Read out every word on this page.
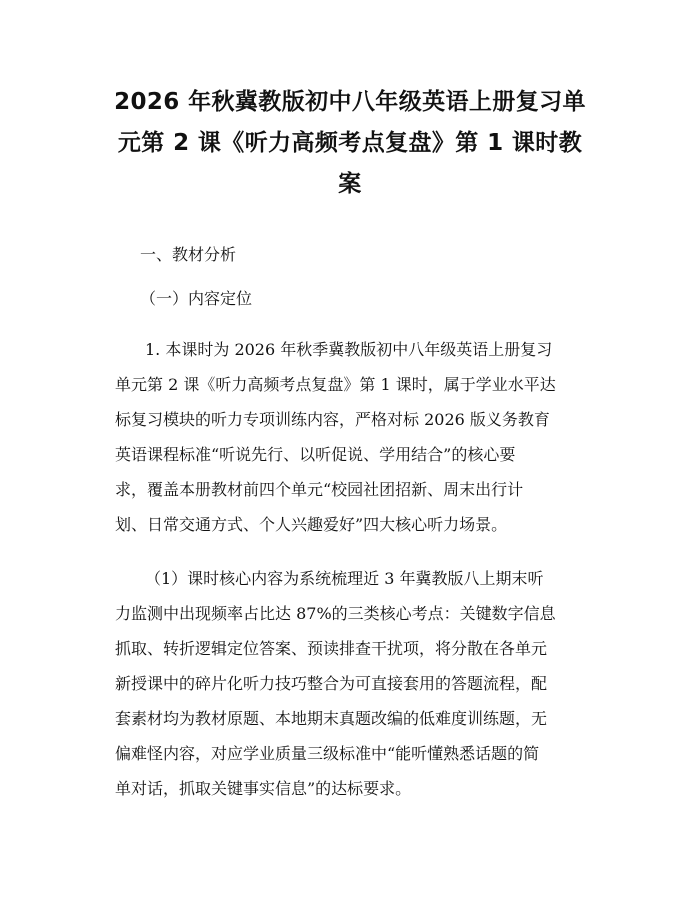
2026 年秋冀教版初中八年级英语上册复习单
元第 2 课《听力高频考点复盘》第 1 课时教
案
一、教材分析
（一）内容定位
1. 本课时为 2026 年秋季冀教版初中八年级英语上册复习
单元第 2 课《听力高频考点复盘》第 1 课时，属于学业水平达
标复习模块的听力专项训练内容，严格对标 2026 版义务教育
英语课程标准“听说先行、以听促说、学用结合”的核心要
求，覆盖本册教材前四个单元“校园社团招新、周末出行计
划、日常交通方式、个人兴趣爱好”四大核心听力场景。
（1）课时核心内容为系统梳理近 3 年冀教版八上期末听
力监测中出现频率占比达 87%的三类核心考点：关键数字信息
抓取、转折逻辑定位答案、预读排查干扰项，将分散在各单元
新授课中的碎片化听力技巧整合为可直接套用的答题流程，配
套素材均为教材原题、本地期末真题改编的低难度训练题，无
偏难怪内容，对应学业质量三级标准中“能听懂熟悉话题的简
单对话，抓取关键事实信息”的达标要求。
